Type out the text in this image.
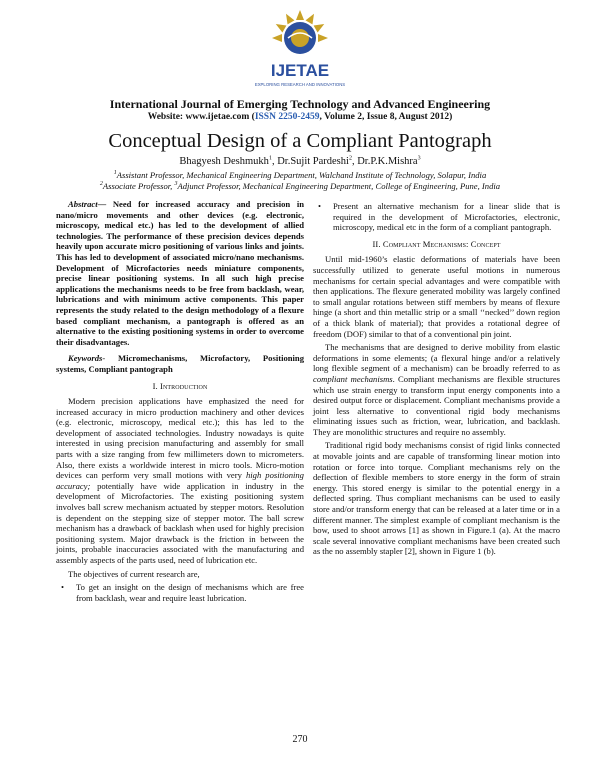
IJETAE
EXPLORING RESEARCH AND INNOVATIONS
International Journal of Emerging Technology and Advanced Engineering
Website: www.ijetae.com (ISSN 2250-2459, Volume 2, Issue 8, August 2012)
Conceptual Design of a Compliant Pantograph
Bhagyesh Deshmukh$^1$, Dr.Sujit Pardeshi$^2$, Dr.P.K.Mishra$^3$
$^1$Assistant Professor, Mechanical Engineering Department, Walchand Institute of Technology, Solapur, India
$^2$Associate Professor, $^3$Adjunct Professor, Mechanical Engineering Department, College of Engineering, Pune, India

Abstract— Need for increased accuracy and precision in nano/micro movements and other devices (e.g. electronic, microscopy, medical etc.) has led to the development of allied technologies. The performance of these precision devices depends heavily upon accurate micro positioning of various links and joints. This has led to development of associated micro/nano mechanisms. Development of Microfactories needs miniature components, precise linear positioning systems. In all such high precise applications the mechanisms needs to be free from backlash, wear, lubrications and with minimum active components. This paper represents the study related to the design methodology of a flexure based compliant mechanism, a pantograph is offered as an alternative to the existing positioning systems in order to overcome their disadvantages.

Keywords- Micromechanisms, Microfactory, Positioning systems, Compliant pantograph

I. Introduction

Modern precision applications have emphasized the need for increased accuracy in micro production machinery and other devices (e.g. electronic, microscopy, medical etc.); this has led to the development of associated technologies. Industry nowadays is quite interested in using precision manufacturing and assembly for small parts with a size ranging from few millimeters down to micrometers. Also, there exists a worldwide interest in micro tools. Micro-motion devices can perform very small motions with very high positioning accuracy; potentially have wide application in industry in the development of Microfactories. The existing positioning system involves ball screw mechanism actuated by stepper motors. Resolution is dependent on the stepping size of stepper motor. The ball screw mechanism has a drawback of backlash when used for highly precision positioning system. Major drawback is the friction in between the joints, probable inaccuracies associated with the manufacturing and assembly aspects of the parts used, need of lubrication etc.

The objectives of current research are,

• To get an insight on the design of mechanisms which are free from backlash, wear and require least lubrication.
• Present an alternative mechanism for a linear slide that is required in the development of Microfactories, electronic, microscopy, medical etc in the form of a compliant pantograph.

II. Compliant Mechanisms: Concept

Until mid-1960’s elastic deformations of materials have been successfully utilized to generate useful motions in numerous mechanisms for certain special advantages and were compatible with then applications. The flexure generated mobility was largely confined to small angular rotations between stiff members by means of flexure hinge (a short and thin metallic strip or a small ‘‘necked’’ down region of a thick blank of material); that provides a rotational degree of freedom (DOF) similar to that of a conventional pin joint.

The mechanisms that are designed to derive mobility from elastic deformations in some elements; (a flexural hinge and/or a relatively long flexible segment of a mechanism) can be broadly referred to as compliant mechanisms. Compliant mechanisms are flexible structures which use strain energy to transform input energy components into a desired output force or displacement. Compliant mechanisms provide a joint less alternative to conventional rigid body mechanisms eliminating issues such as friction, wear, lubrication, and backlash. They are monolithic structures and require no assembly.

Traditional rigid body mechanisms consist of rigid links connected at movable joints and are capable of transforming linear motion into rotation or force into torque. Compliant mechanisms rely on the deflection of flexible members to store energy in the form of strain energy. This stored energy is similar to the potential energy in a deflected spring. Thus compliant mechanisms can be used to easily store and/or transform energy that can be released at a later time or in a different manner. The simplest example of compliant mechanism is the bow, used to shoot arrows [1] as shown in Figure.1 (a). At the macro scale several innovative compliant mechanisms have been created such as the no assembly stapler [2], shown in Figure 1 (b).

270
